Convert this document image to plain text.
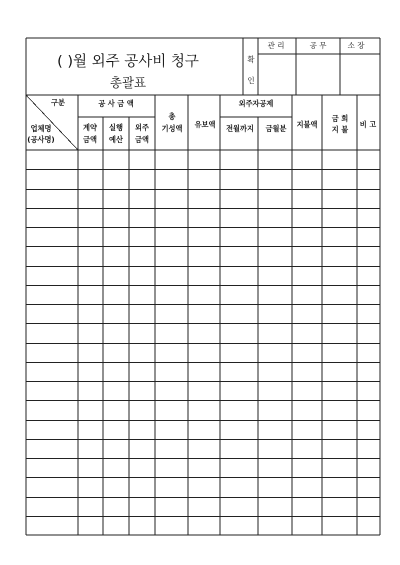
( )월 외주 공사비 청구
총괄표
확
인
관 리	공 무	소 장
구분
업체명
(공사명)
공 사 금 액
계약
금액
실행
예산
외주
금액
총
기성액 유보액
외주자공제
전월까지 금월분 지불액
금 회
지 불
비 고
